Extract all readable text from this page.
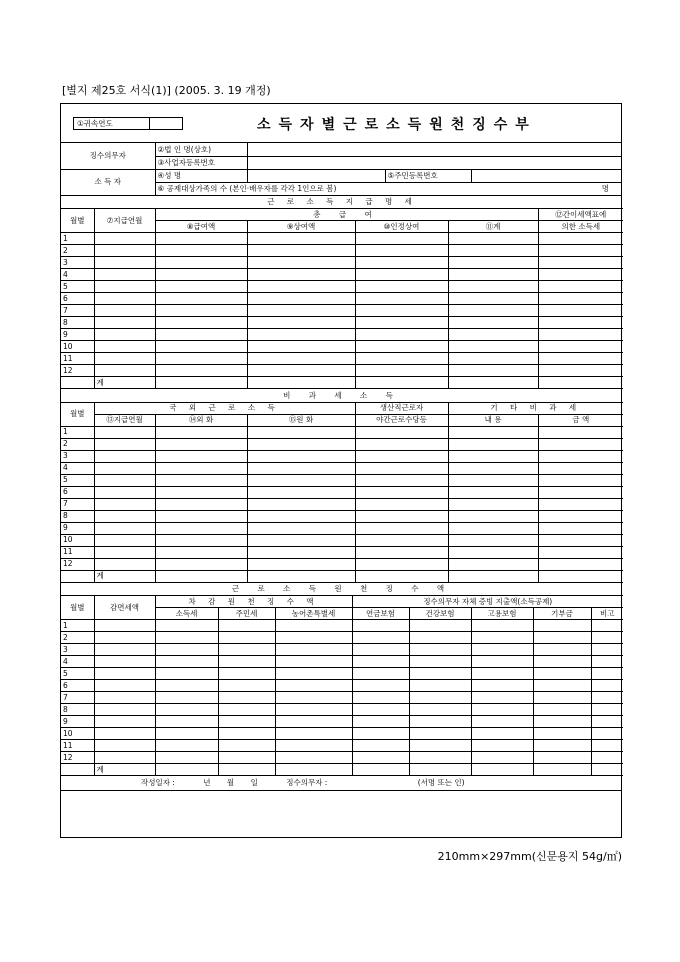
[별지 제25호 서식(1)] (2005. 3. 19 개정)
①귀속연도	소득자별근로소득원천징수부
징수의무자	②법 인 명(상호)			
	③사업자등록번호			
소 득 자	④성 명		⑤주민등록번호	
	⑥ 공제대상가족의 수 (본인·배우자를 각각 1인으로 봄) 명			
근 로 소 득 지 급 명 세						
월별	⑦지급연월	총 급 여				⑫간이세액표에
		⑧급여액	⑨상여액	⑩인정상여	⑪계	의한 소득세
1						
2						
3						
4						
5						
6						
7						
8						
9						
10						
11						
12						
	계					
비 과 세 소 득						
월별	국 외 근 로 소 득			생산직근로자	기 타 비 과 세	
	⑬지급연월	⑭외 화	⑮원 화	야간근로수당등	내 용	금 액
1						
2						
3						
4						
5						
6						
7						
8						
9						
10						
11						
12						
	계					
근 로 소 득 원 천 징 수 액									
월별	감면세액	차 감 원 천 징 수 액			징수의무자 자체 증빙 지출액(소득공제)				
		소득세	주민세	농어촌특별세	연금보험	건강보험	고용보험	기부금	비고
1									
2									
3									
4									
5									
6									
7									
8									
9									
10									
11									
12									
	계								
작성일자 :	년 월 일	징수의무자 :	(서명 또는 인)
210mm×297mm(신문용지 54g/㎡)
